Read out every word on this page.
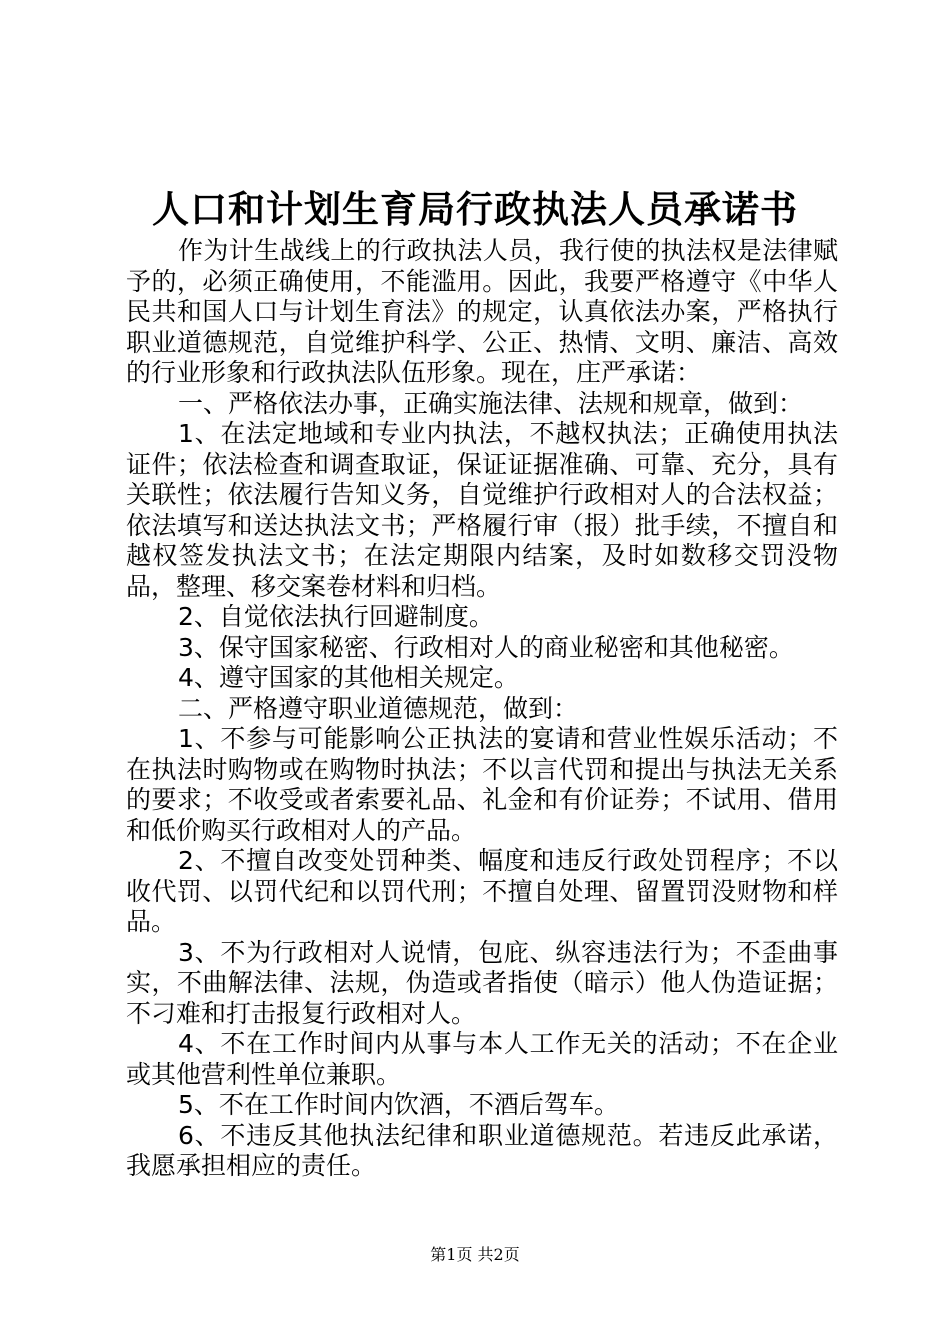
人口和计划生育局行政执法人员承诺书

作为计生战线上的行政执法人员，我行使的执法权是法律赋予的，必须正确使用，不能滥用。因此，我要严格遵守《中华人民共和国人口与计划生育法》的规定，认真依法办案，严格执行职业道德规范，自觉维护科学、公正、热情、文明、廉洁、高效的行业形象和行政执法队伍形象。现在，庄严承诺：

一、严格依法办事，正确实施法律、法规和规章，做到：

1、在法定地域和专业内执法，不越权执法；正确使用执法证件；依法检查和调查取证，保证证据准确、可靠、充分，具有关联性；依法履行告知义务，自觉维护行政相对人的合法权益；依法填写和送达执法文书；严格履行审（报）批手续，不擅自和越权签发执法文书；在法定期限内结案，及时如数移交罚没物品，整理、移交案卷材料和归档。

2、自觉依法执行回避制度。

3、保守国家秘密、行政相对人的商业秘密和其他秘密。

4、遵守国家的其他相关规定。

二、严格遵守职业道德规范，做到：

1、不参与可能影响公正执法的宴请和营业性娱乐活动；不在执法时购物或在购物时执法；不以言代罚和提出与执法无关系的要求；不收受或者索要礼品、礼金和有价证券；不试用、借用和低价购买行政相对人的产品。

2、不擅自改变处罚种类、幅度和违反行政处罚程序；不以收代罚、以罚代纪和以罚代刑；不擅自处理、留置罚没财物和样品。

3、不为行政相对人说情，包庇、纵容违法行为；不歪曲事实，不曲解法律、法规，伪造或者指使（暗示）他人伪造证据；不刁难和打击报复行政相对人。

4、不在工作时间内从事与本人工作无关的活动；不在企业或其他营利性单位兼职。

5、不在工作时间内饮酒，不酒后驾车。

6、不违反其他执法纪律和职业道德规范。若违反此承诺，我愿承担相应的责任。

第1页 共2页
